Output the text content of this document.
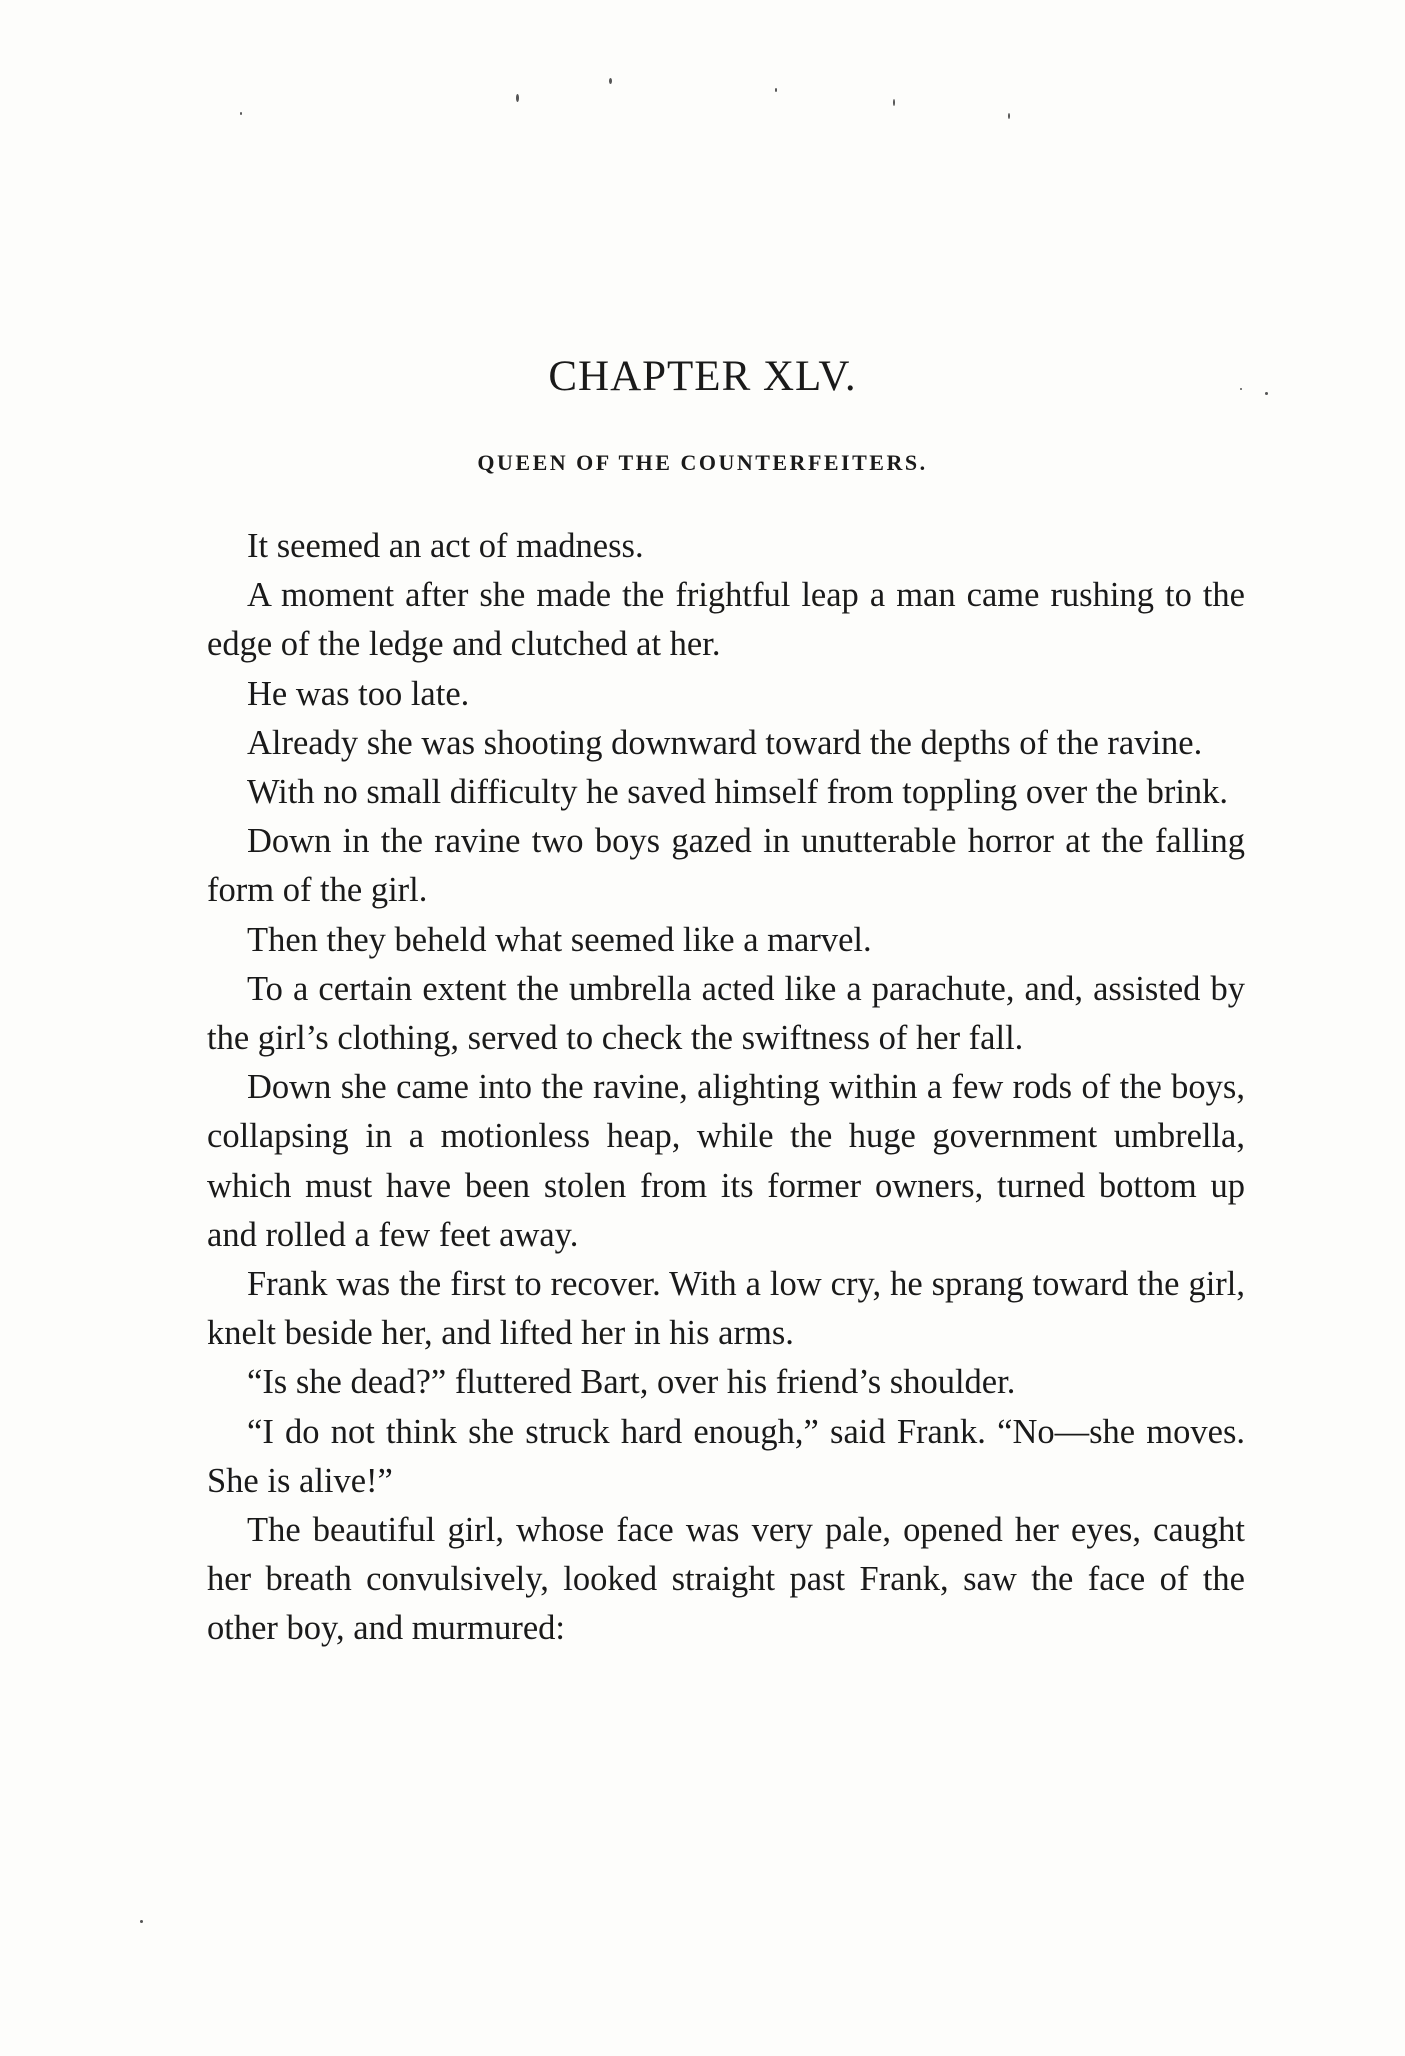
CHAPTER XLV.
QUEEN OF THE COUNTERFEITERS.

It seemed an act of madness.

A moment after she made the frightful leap a man came rushing to the edge of the ledge and clutched at her.

He was too late.

Already she was shooting downward toward the depths of the ravine.

With no small difficulty he saved himself from toppling over the brink.

Down in the ravine two boys gazed in unutterable horror at the falling form of the girl.

Then they beheld what seemed like a marvel.

To a certain extent the umbrella acted like a parachute, and, assisted by the girl’s clothing, served to check the swiftness of her fall.

Down she came into the ravine, alighting within a few rods of the boys, collapsing in a motionless heap, while the huge government umbrella, which must have been stolen from its former owners, turned bottom up and rolled a few feet away.

Frank was the first to recover. With a low cry, he sprang toward the girl, knelt beside her, and lifted her in his arms.

“Is she dead?” fluttered Bart, over his friend’s shoulder.

“I do not think she struck hard enough,” said Frank. “No—she moves. She is alive!”

The beautiful girl, whose face was very pale, opened her eyes, caught her breath convulsively, looked straight past Frank, saw the face of the other boy, and murmured:
